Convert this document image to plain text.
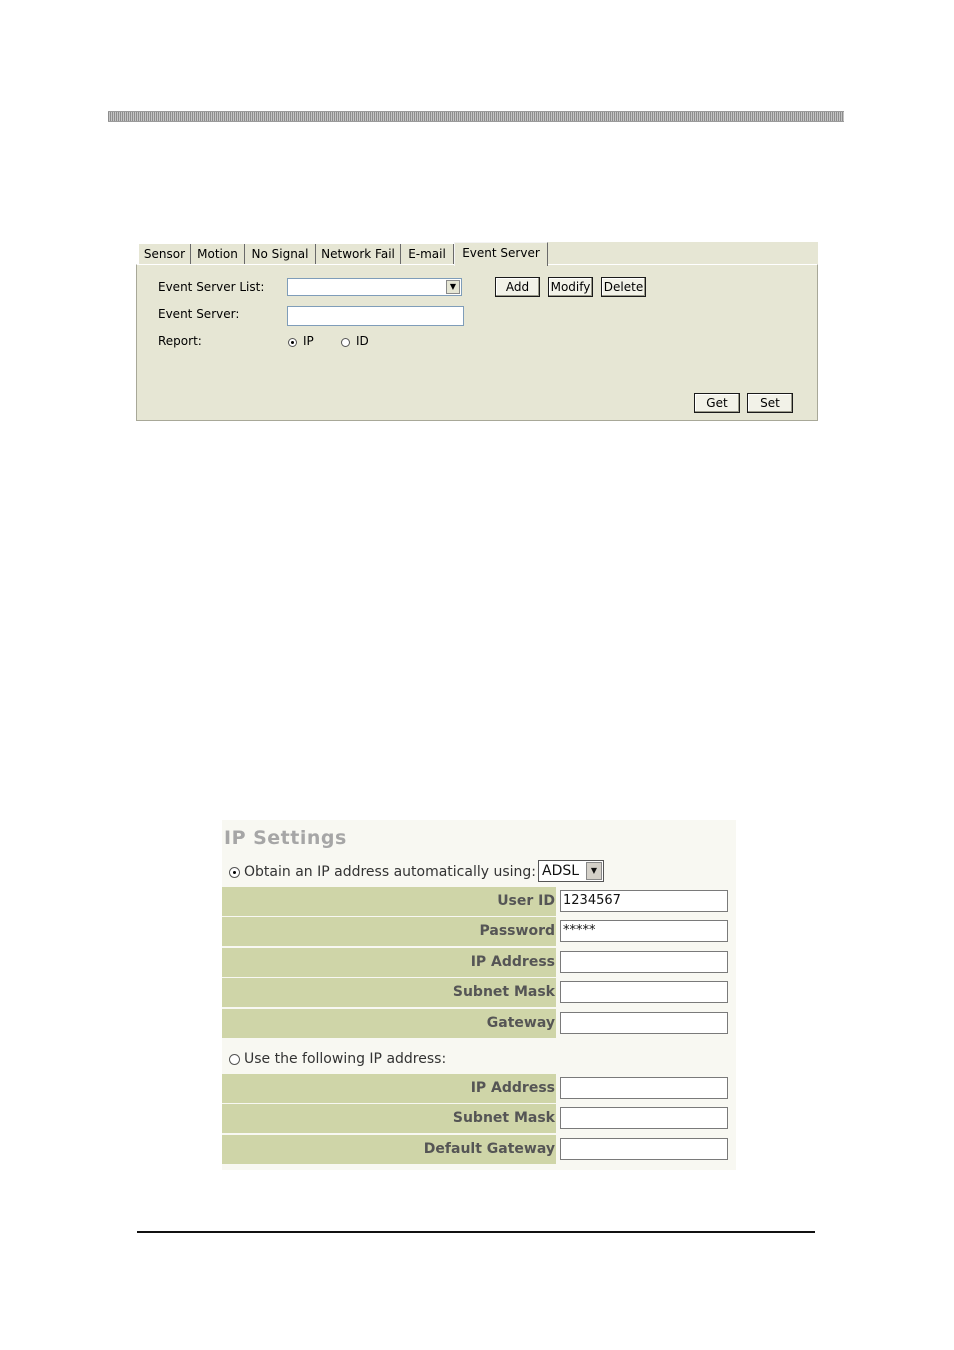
Sensor	Motion	No Signal	Network Fail	E-mail	Event Server
Event Server List:	▼
Event Server:
Report:	IP	ID
Add	Modify Delete
Get	Set
IP Settings
Obtain an IP address automatically using: ADSL	▼
User ID 1234567
Password *****
IP Address
Subnet Mask
Gateway
Use the following IP address:
IP Address
Subnet Mask
Default Gateway
